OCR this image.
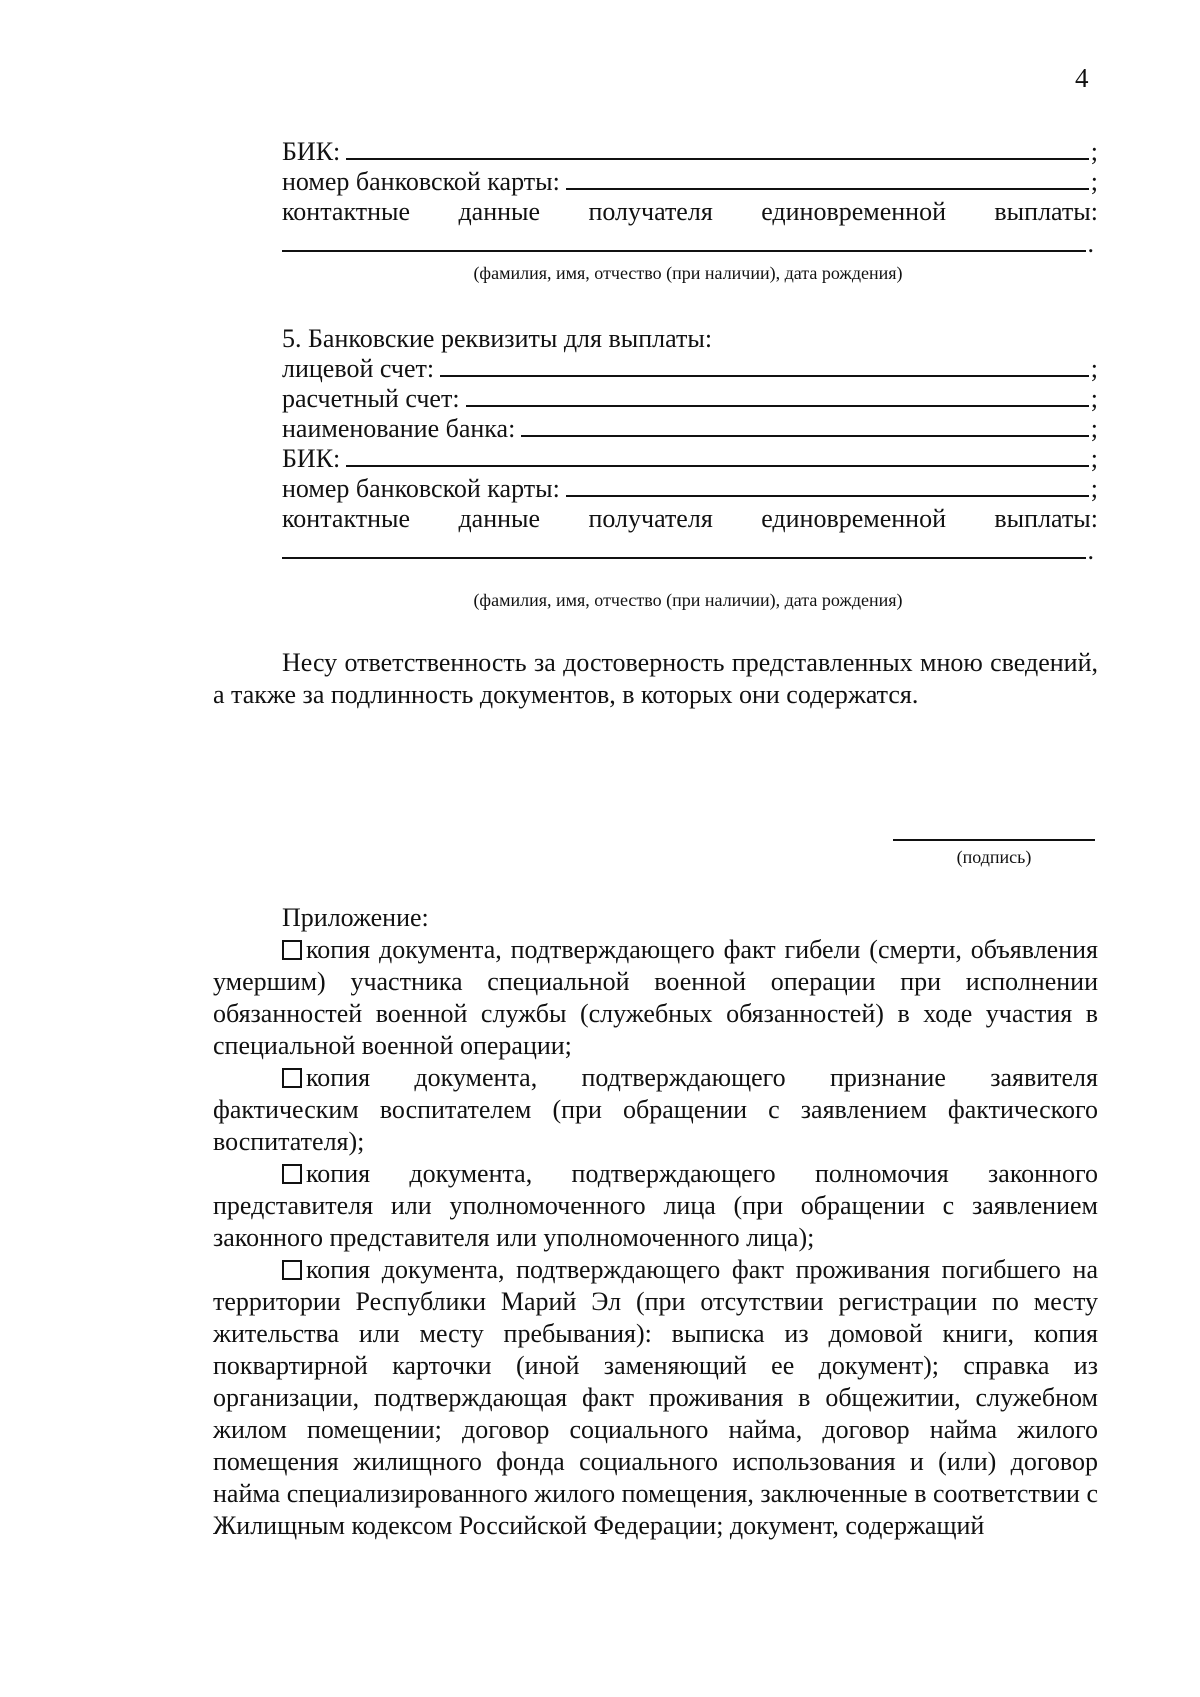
4
БИК:	;
номер банковской карты:	;
контактные данные получателя единовременной выплаты:
.
(фамилия, имя, отчество (при наличии), дата рождения)
5. Банковские реквизиты для выплаты:
лицевой счет:	;
расчетный счет:	;
наименование банка:	;
БИК:	;
номер банковской карты:	;
контактные данные получателя единовременной выплаты:
.
(фамилия, имя, отчество (при наличии), дата рождения)
Несу ответственность за достоверность представленных мною сведений, а также за подлинность документов, в которых они содержатся.
(подпись)
Приложение:
копия документа, подтверждающего факт гибели (смерти, объявления умершим) участника специальной военной операции при исполнении обязанностей военной службы (служебных обязанностей) в ходе участия в специальной военной операции;
копия документа, подтверждающего признание заявителя фактическим воспитателем (при обращении с заявлением фактического воспитателя);
копия документа, подтверждающего полномочия законного представителя или уполномоченного лица (при обращении с заявлением законного представителя или уполномоченного лица);
копия документа, подтверждающего факт проживания погибшего на территории Республики Марий Эл (при отсутствии регистрации по месту жительства или месту пребывания): выписка из домовой книги, копия поквартирной карточки (иной заменяющий ее документ); справка из организации, подтверждающая факт проживания в общежитии, служебном жилом помещении; договор социального найма, договор найма жилого помещения жилищного фонда социального использования и (или) договор найма специализированного жилого помещения, заключенные в соответствии с Жилищным кодексом Российской Федерации; документ, содержащий
